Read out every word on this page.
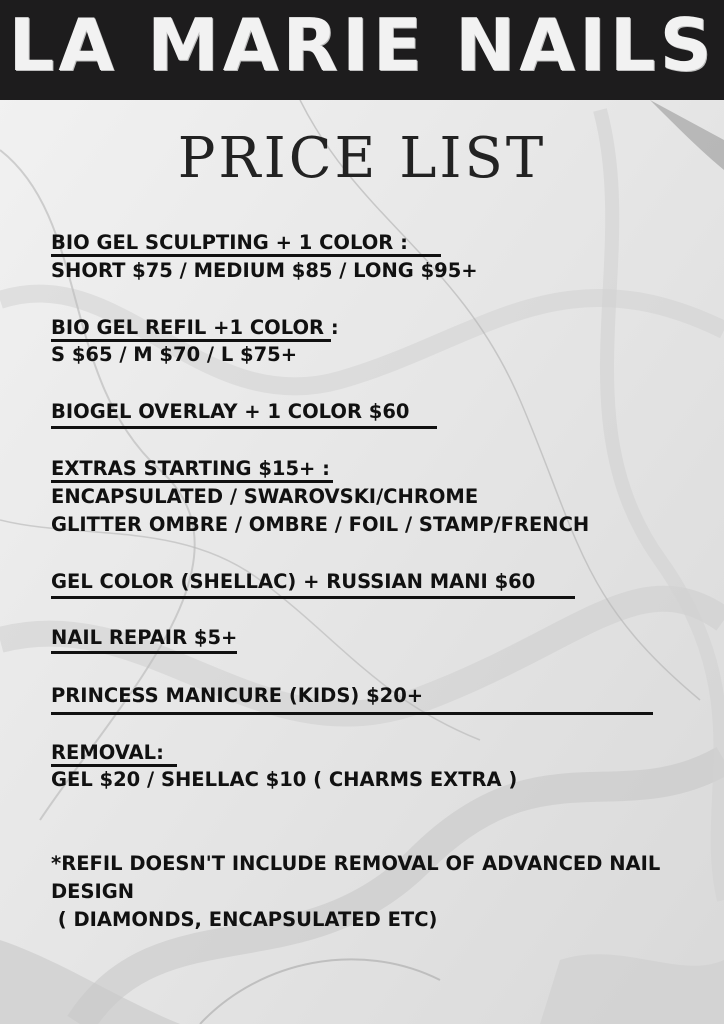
LA MARIE NAILS
PRICE LIST
BIO GEL SCULPTING + 1 COLOR :
SHORT $75 / MEDIUM $85 / LONG $95+
BIO GEL REFIL +1 COLOR :
S $65 / M $70 / L $75+
BIOGEL OVERLAY + 1 COLOR $60
EXTRAS STARTING $15+ :
ENCAPSULATED / SWAROVSKI/CHROME
GLITTER OMBRE / OMBRE / FOIL / STAMP/FRENCH
GEL COLOR (SHELLAC) + RUSSIAN MANI $60
NAIL REPAIR $5+
PRINCESS MANICURE (KIDS) $20+
REMOVAL:
GEL $20 / SHELLAC $10 ( CHARMS EXTRA )
*REFIL DOESN'T INCLUDE REMOVAL OF ADVANCED NAIL
DESIGN
( DIAMONDS, ENCAPSULATED ETC)
